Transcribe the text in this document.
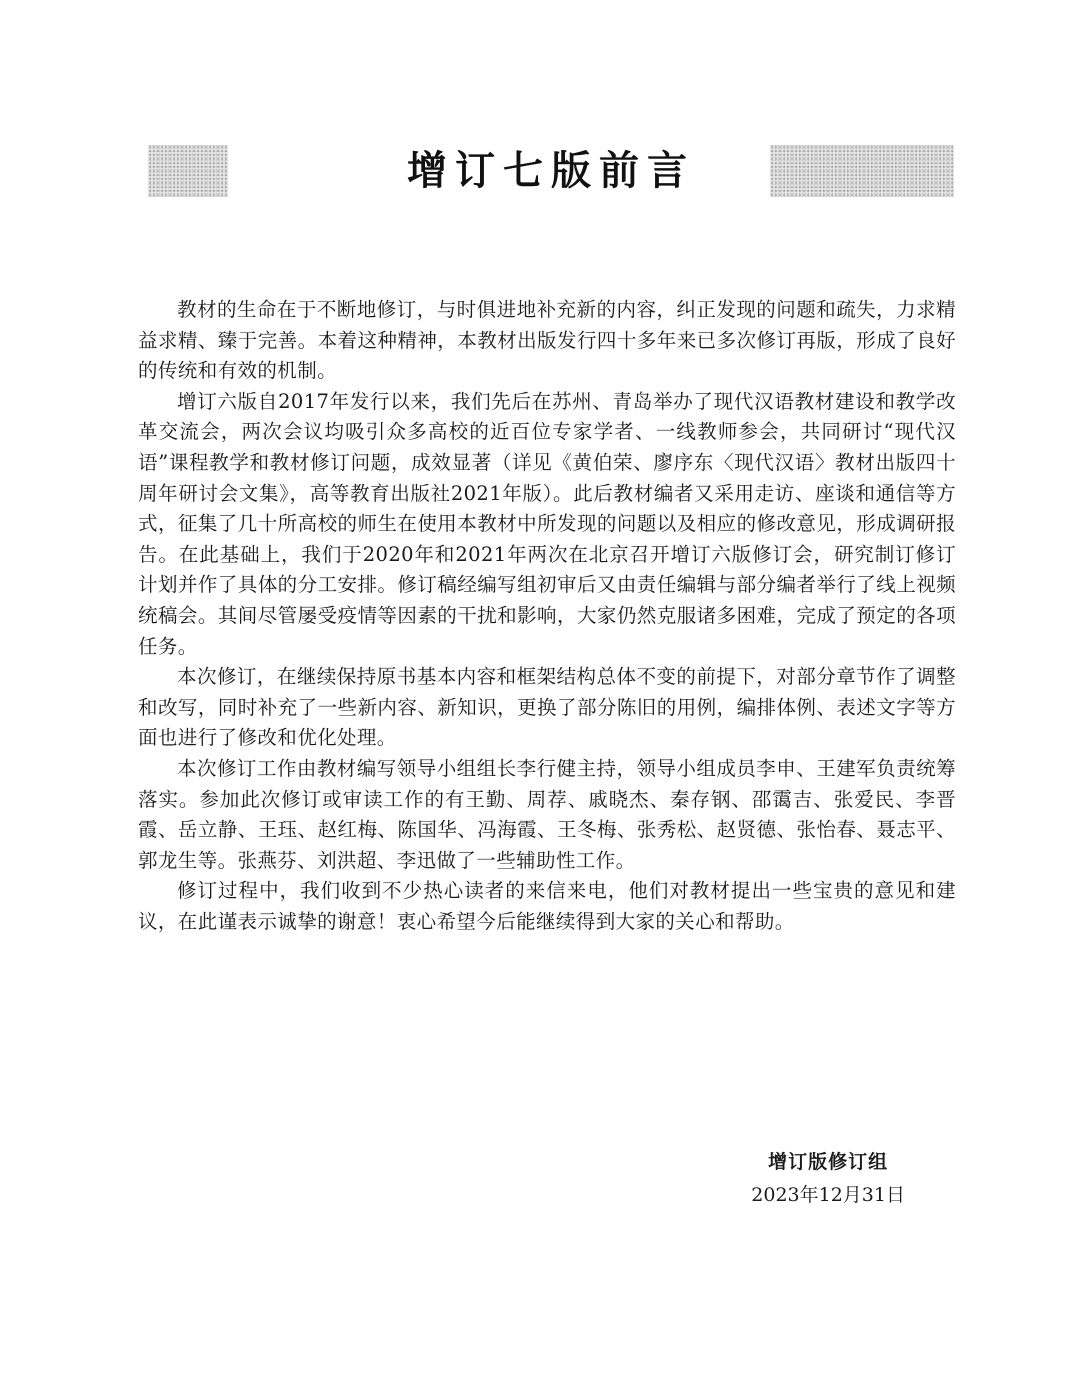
增订七版前言

教材的生命在于不断地修订，与时俱进地补充新的内容，纠正发现的问题和疏失，力求精益求精、臻于完善。本着这种精神，本教材出版发行四十多年来已多次修订再版，形成了良好的传统和有效的机制。

增订六版自2017年发行以来，我们先后在苏州、青岛举办了现代汉语教材建设和教学改革交流会，两次会议均吸引众多高校的近百位专家学者、一线教师参会，共同研讨“现代汉语”课程教学和教材修订问题，成效显著（详见《黄伯荣、廖序东〈现代汉语〉教材出版四十周年研讨会文集》，高等教育出版社2021年版）。此后教材编者又采用走访、座谈和通信等方式，征集了几十所高校的师生在使用本教材中所发现的问题以及相应的修改意见，形成调研报告。在此基础上，我们于2020年和2021年两次在北京召开增订六版修订会，研究制订修订计划并作了具体的分工安排。修订稿经编写组初审后又由责任编辑与部分编者举行了线上视频统稿会。其间尽管屡受疫情等因素的干扰和影响，大家仍然克服诸多困难，完成了预定的各项任务。

本次修订，在继续保持原书基本内容和框架结构总体不变的前提下，对部分章节作了调整和改写，同时补充了一些新内容、新知识，更换了部分陈旧的用例，编排体例、表述文字等方面也进行了修改和优化处理。

本次修订工作由教材编写领导小组组长李行健主持，领导小组成员李申、王建军负责统筹落实。参加此次修订或审读工作的有王勤、周荐、戚晓杰、秦存钢、邵霭吉、张爱民、李晋霞、岳立静、王珏、赵红梅、陈国华、冯海霞、王冬梅、张秀松、赵贤德、张怡春、聂志平、郭龙生等。张燕芬、刘洪超、李迅做了一些辅助性工作。

修订过程中，我们收到不少热心读者的来信来电，他们对教材提出一些宝贵的意见和建议，在此谨表示诚挚的谢意！衷心希望今后能继续得到大家的关心和帮助。

增订版修订组
2023年12月31日
